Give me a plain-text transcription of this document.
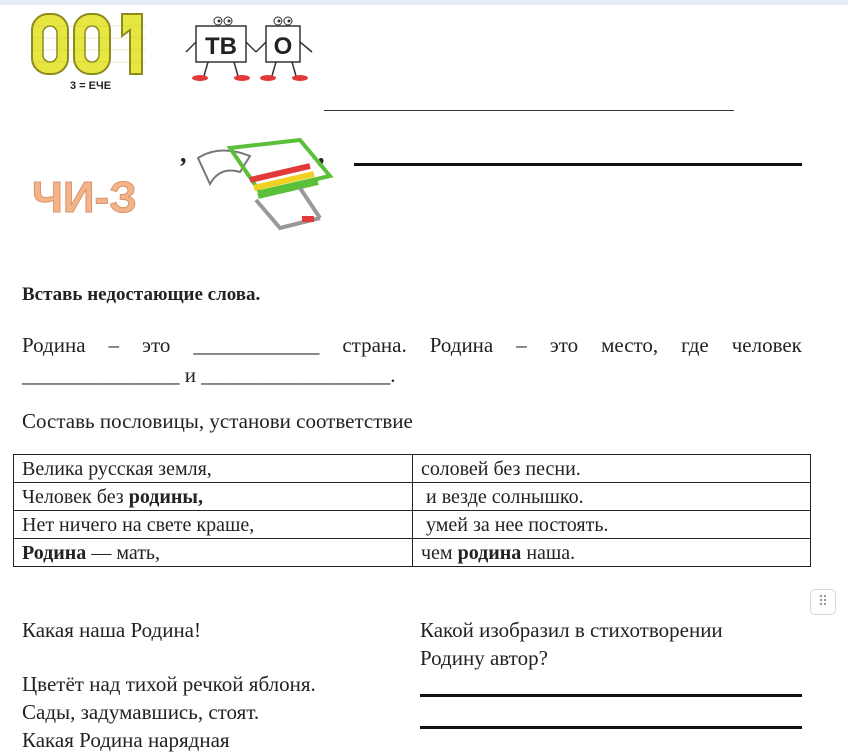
3 = ЕЧЕ
ТВ О
ЧИ-З
,	,
Вставь недостающие слова.
Родина – это ____________ страна. Родина – это место, где человек
_______________ и __________________.
Составь пословицы, установи соответствие
Велика русская земля,	соловей без песни.
Человек без родины,	и везде солнышко.
Нет ничего на свете краше,	умей за нее постоять.
Родина — мать,	чем родина наша.
⠿
Какая наша Родина!
Цветёт над тихой речкой яблоня.
Сады, задумавшись, стоят.
Какая Родина нарядная
Какой изобразил в стихотворении
Родину автор?
